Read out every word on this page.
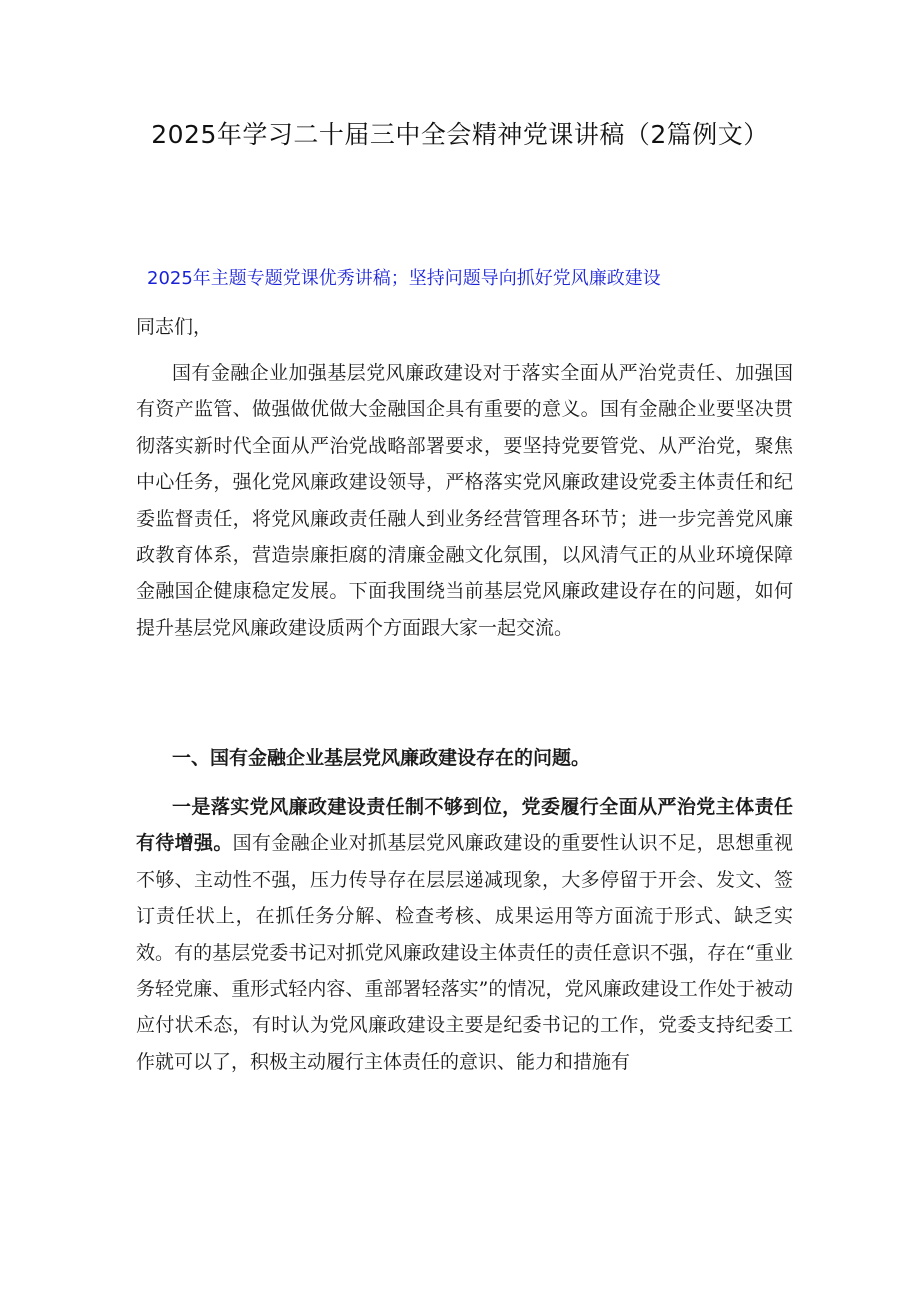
2025年学习二十届三中全会精神党课讲稿（2篇例文）
2025年主题专题党课优秀讲稿；坚持问题导向抓好党风廉政建设
同志们，
国有金融企业加强基层党风廉政建设对于落实全面从严治党责任、加强国有资产监管、做强做优做大金融国企具有重要的意义。国有金融企业要坚决贯彻落实新时代全面从严治党战略部署要求，要坚持党要管党、从严治党，聚焦中心任务，强化党风廉政建设领导，严格落实党风廉政建设党委主体责任和纪委监督责任，将党风廉政责任融人到业务经营管理各环节；进一步完善党风廉政教育体系，营造崇廉拒腐的清廉金融文化氛围，以风清气正的从业环境保障金融国企健康稳定发展。下面我围绕当前基层党风廉政建设存在的问题，如何提升基层党风廉政建设质两个方面跟大家一起交流。
一、国有金融企业基层党风廉政建设存在的问题。
一是落实党风廉政建设责任制不够到位，党委履行全面从严治党主体责任有待增强。国有金融企业对抓基层党风廉政建设的重要性认识不足，思想重视不够、主动性不强，压力传导存在层层递减现象，大多停留于开会、发文、签订责任状上，在抓任务分解、检查考核、成果运用等方面流于形式、缺乏实效。有的基层党委书记对抓党风廉政建设主体责任的责任意识不强，存在“重业务轻党廉、重形式轻内容、重部署轻落实”的情况，党风廉政建设工作处于被动应付状禾态，有时认为党风廉政建设主要是纪委书记的工作，党委支持纪委工作就可以了，积极主动履行主体责任的意识、能力和措施有
